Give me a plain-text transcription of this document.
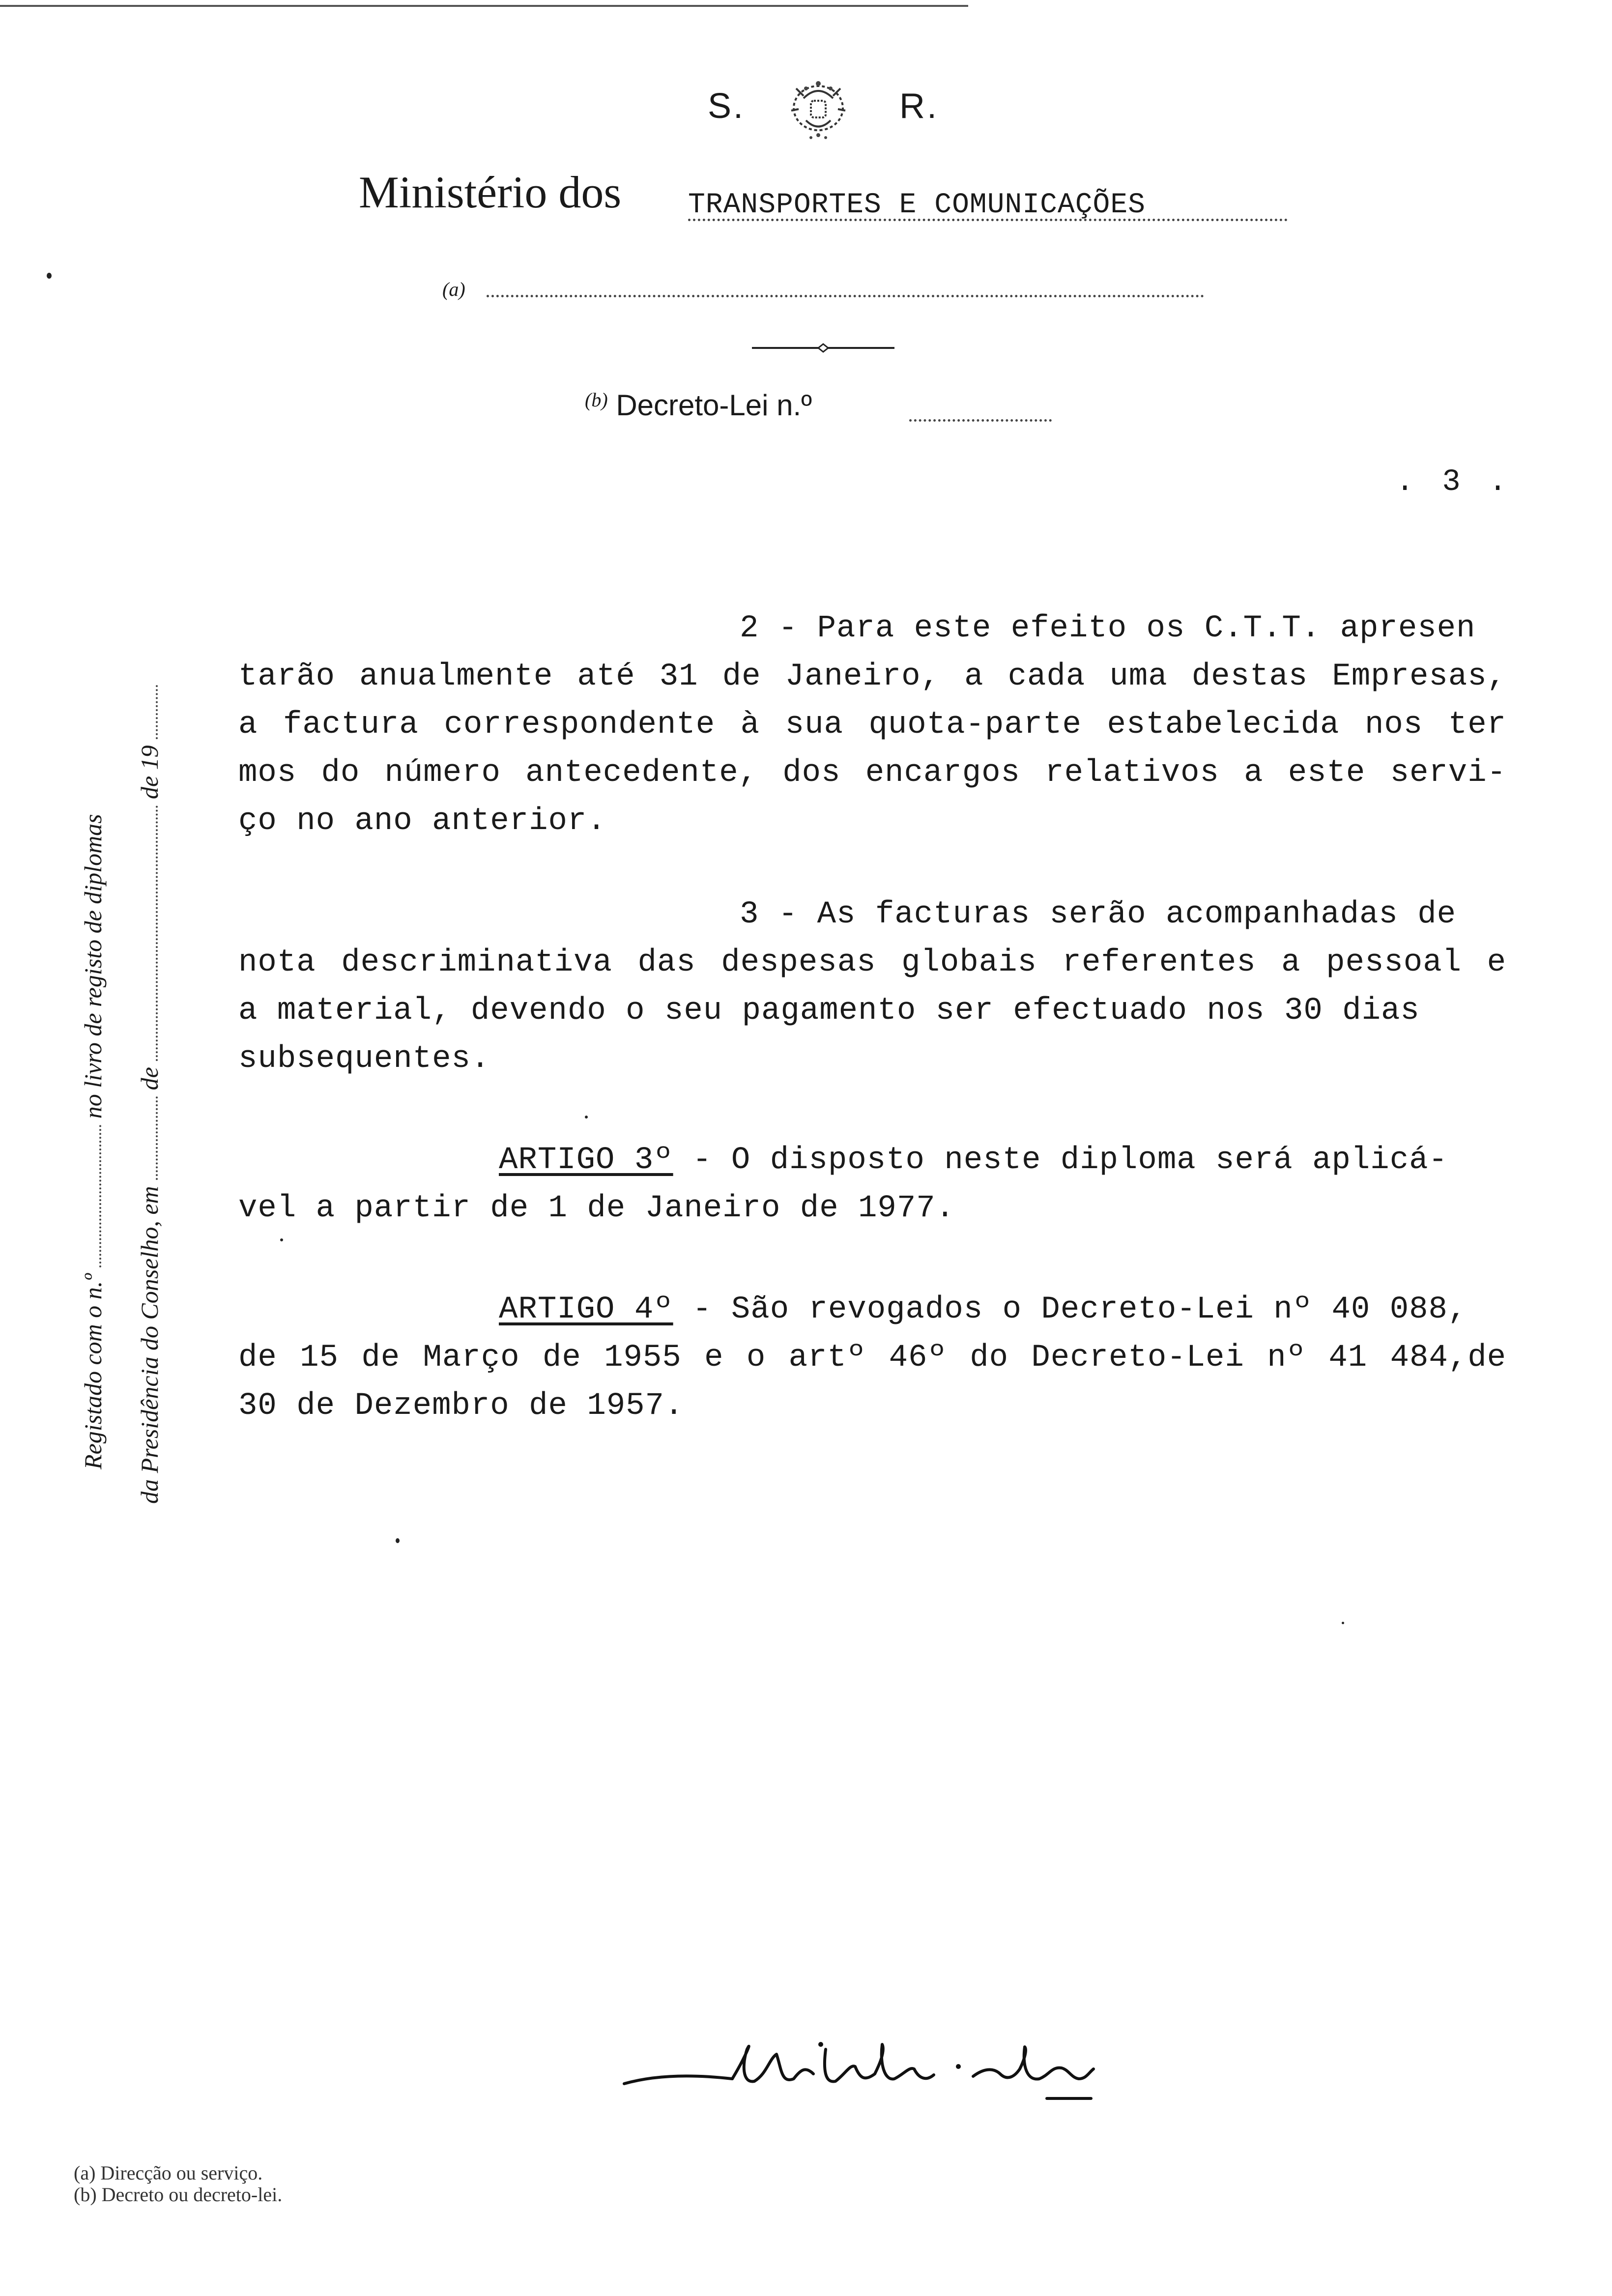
S.	R.
Ministério dos TRANSPORTES E COMUNICAÇÕES
(a)
$^{(b)}$ Decreto-Lei n.º
. 3 .
Registado com o n.º  no livro de registo de diplomas
da Presidência do Conselho, em  de  de 19

2 - Para este efeito os C.T.T. apresen

tarão anualmente até 31 de Janeiro, a cada uma destas Empresas,

a factura correspondente à sua quota-parte estabelecida nos ter

mos do número antecedente, dos encargos relativos a este servi-

ço no ano anterior.

3 - As facturas serão acompanhadas de

nota descriminativa das despesas globais referentes a pessoal e

a material, devendo o seu pagamento ser efectuado nos 30 dias

subsequentes.

ARTIGO 3º - O disposto neste diploma será aplicá-

vel a partir de 1 de Janeiro de 1977.

ARTIGO 4º - São revogados o Decreto-Lei nº 40 088,

de 15 de Março de 1955 e o artº 46º do Decreto-Lei nº 41 484,de

30 de Dezembro de 1957.

(a) Direcção ou serviço.
(b) Decreto ou decreto-lei.
